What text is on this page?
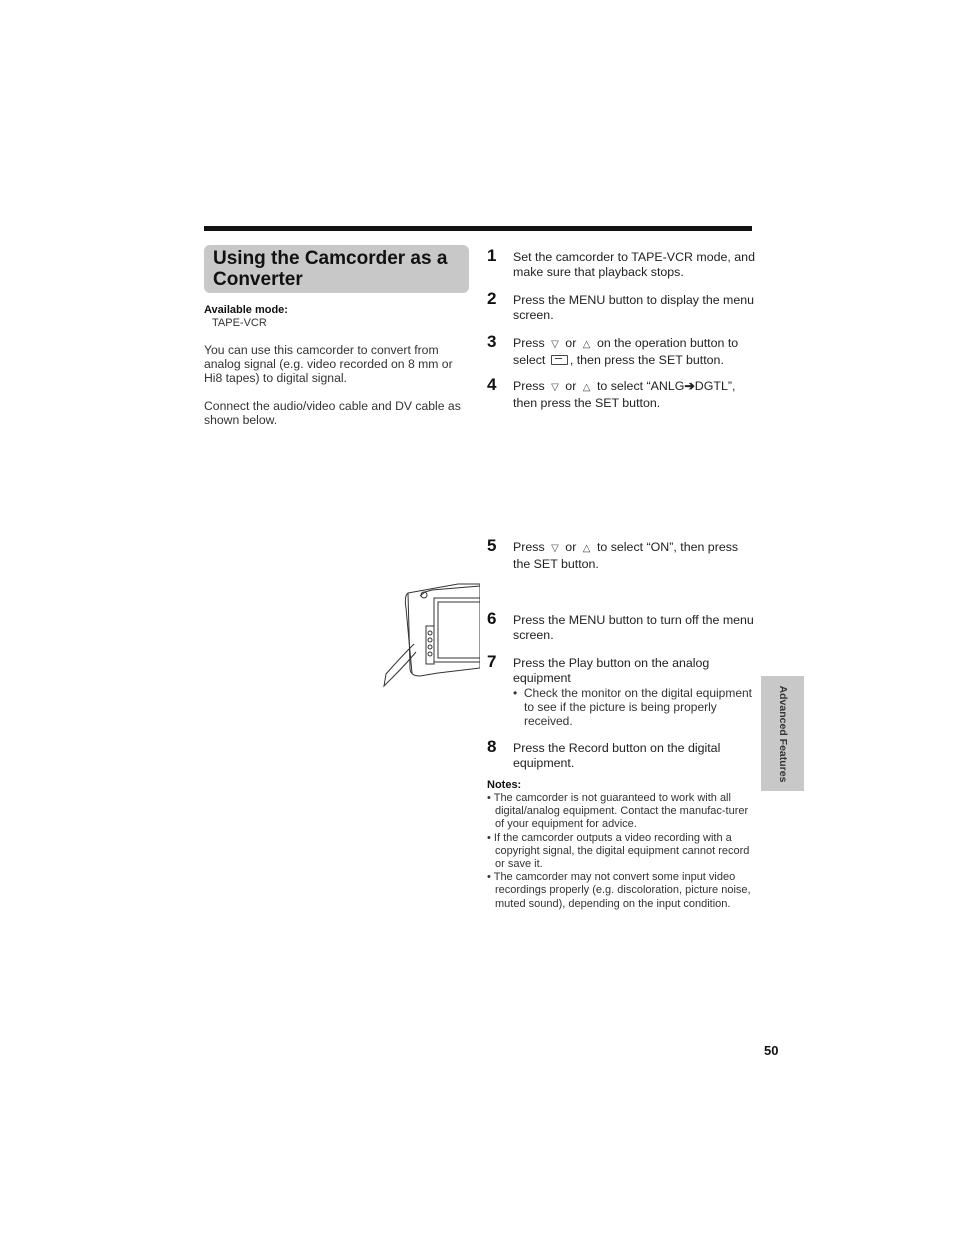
Using the Camcorder as a Converter
Available mode:
TAPE-VCR
You can use this camcorder to convert from analog signal (e.g. video recorded on 8 mm or Hi8 tapes) to digital signal.
Connect the audio/video cable and DV cable as shown below.
1 Set the camcorder to TAPE-VCR mode, and make sure that playback stops.
2 Press the MENU button to display the menu screen.
3 Press ▽ or △ on the operation button to select , then press the SET button.
4 Press ▽ or △ to select “ANLG➔DGTL”, then press the SET button.
5 Press ▽ or △ to select “ON”, then press the SET button.
6 Press the MENU button to turn off the menu screen.
7 Press the Play button on the analog equipment
• Check the monitor on the digital equipment to see if the picture is being properly received.
8 Press the Record button on the digital equipment.
Notes:
• The camcorder is not guaranteed to work with all digital/analog equipment. Contact the manufac-turer of your equipment for advice.
• If the camcorder outputs a video recording with a copyright signal, the digital equipment cannot record or save it.
• The camcorder may not convert some input video recordings properly (e.g. discoloration, picture noise, muted sound), depending on the input condition.
Advanced Features
50
